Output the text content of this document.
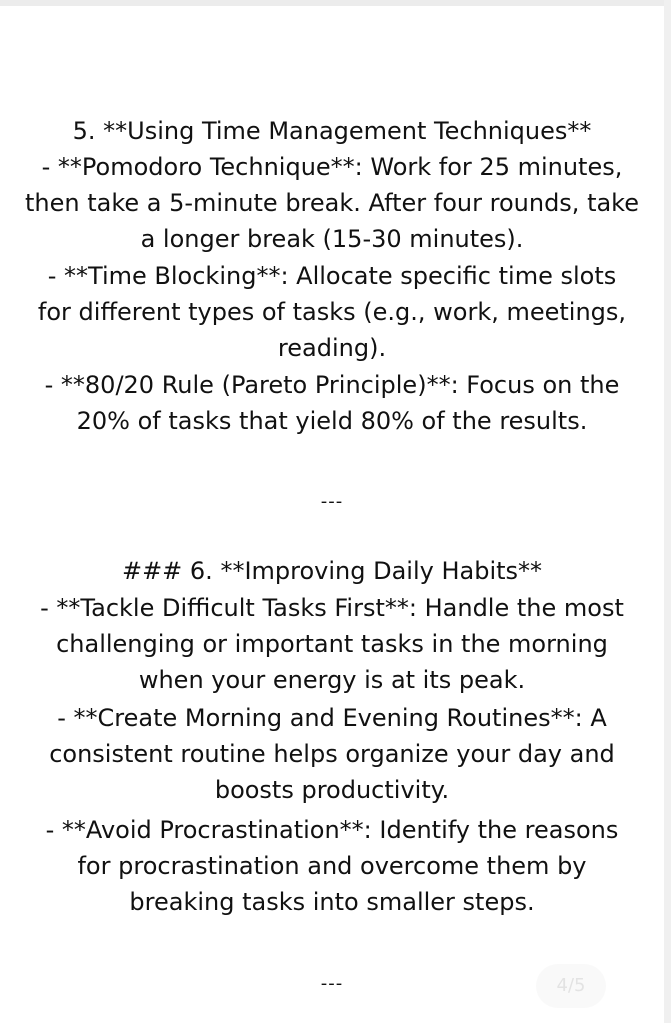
5. **Using Time Management Techniques**
- **Pomodoro Technique**: Work for 25 minutes,
then take a 5-minute break. After four rounds, take
a longer break (15-30 minutes).
- **Time Blocking**: Allocate specific time slots
for different types of tasks (e.g., work, meetings,
reading).
- **80/20 Rule (Pareto Principle)**: Focus on the
20% of tasks that yield 80% of the results.
---
### 6. **Improving Daily Habits**
- **Tackle Difficult Tasks First**: Handle the most
challenging or important tasks in the morning
when your energy is at its peak.
- **Create Morning and Evening Routines**: A
consistent routine helps organize your day and
boosts productivity.
- **Avoid Procrastination**: Identify the reasons
for procrastination and overcome them by
breaking tasks into smaller steps.
---	4/5
